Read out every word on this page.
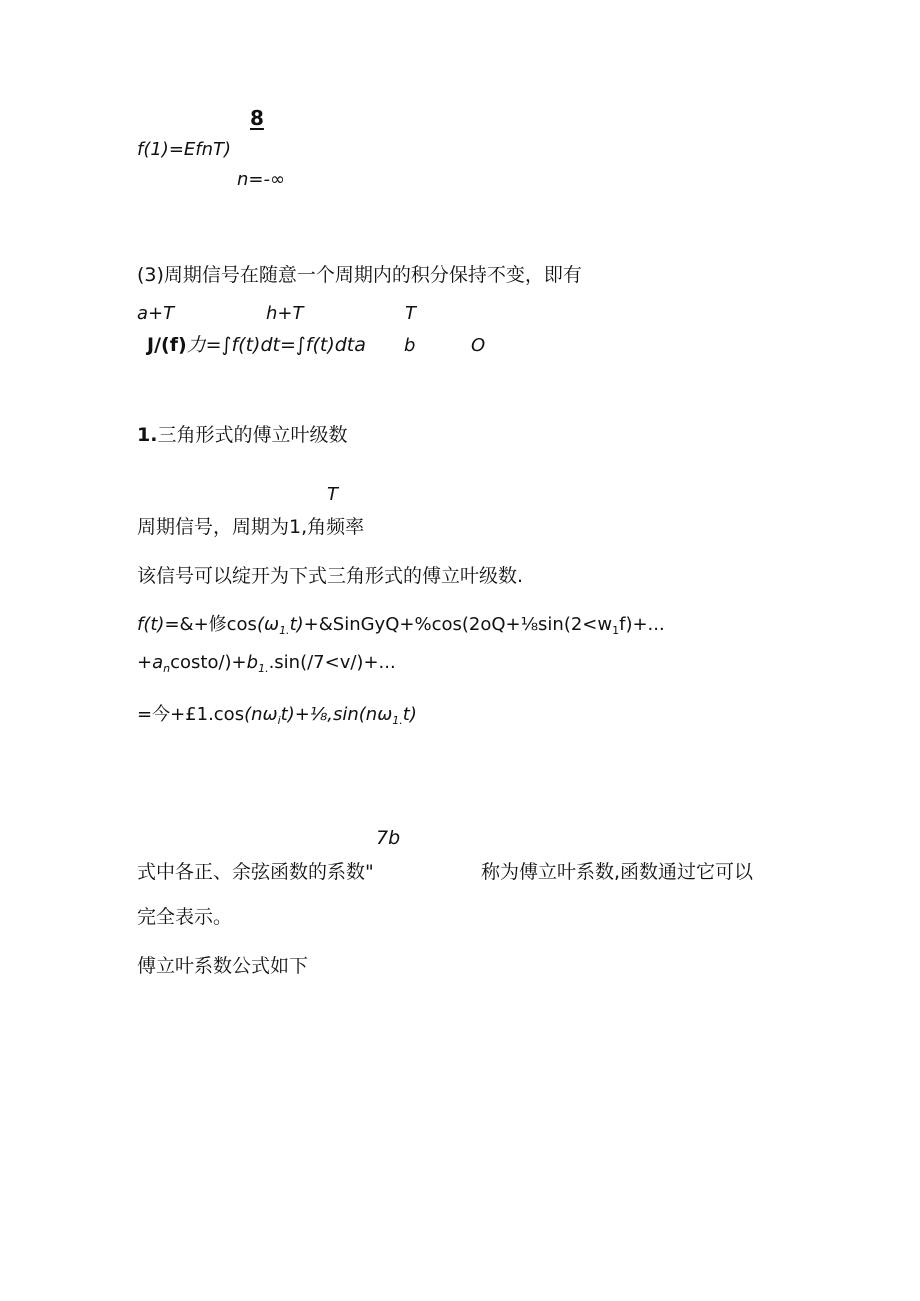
8
f(1)=EfnT)
n=-∞
(3)周期信号在随意一个周期内的积分保持不变，即有
a+T	h+T	T
J/(f)力=∫f(t)dt=∫f(t)dta b	O
1.三角形式的傅立叶级数
T
周期信号，周期为1,角频率
该信号可以绽开为下式三角形式的傅立叶级数.
f(t)=&+修$\cos(\omega_{1.}t)+\&SinGyQ+\%\cos(2oQ+\frac{1}{8}\sin(2<w_1f)+$...
$+a_ncosto/)+b_{1.}.\sin(/7<v/)+$...
=今$+£1.\cos(n\omega_it)+\frac{1}{8},\sin(n\omega_{1.}t)$
7b
式中各正、余弦函数的系数"	称为傅立叶系数,函数通过它可以
完全表示。
傅立叶系数公式如下
